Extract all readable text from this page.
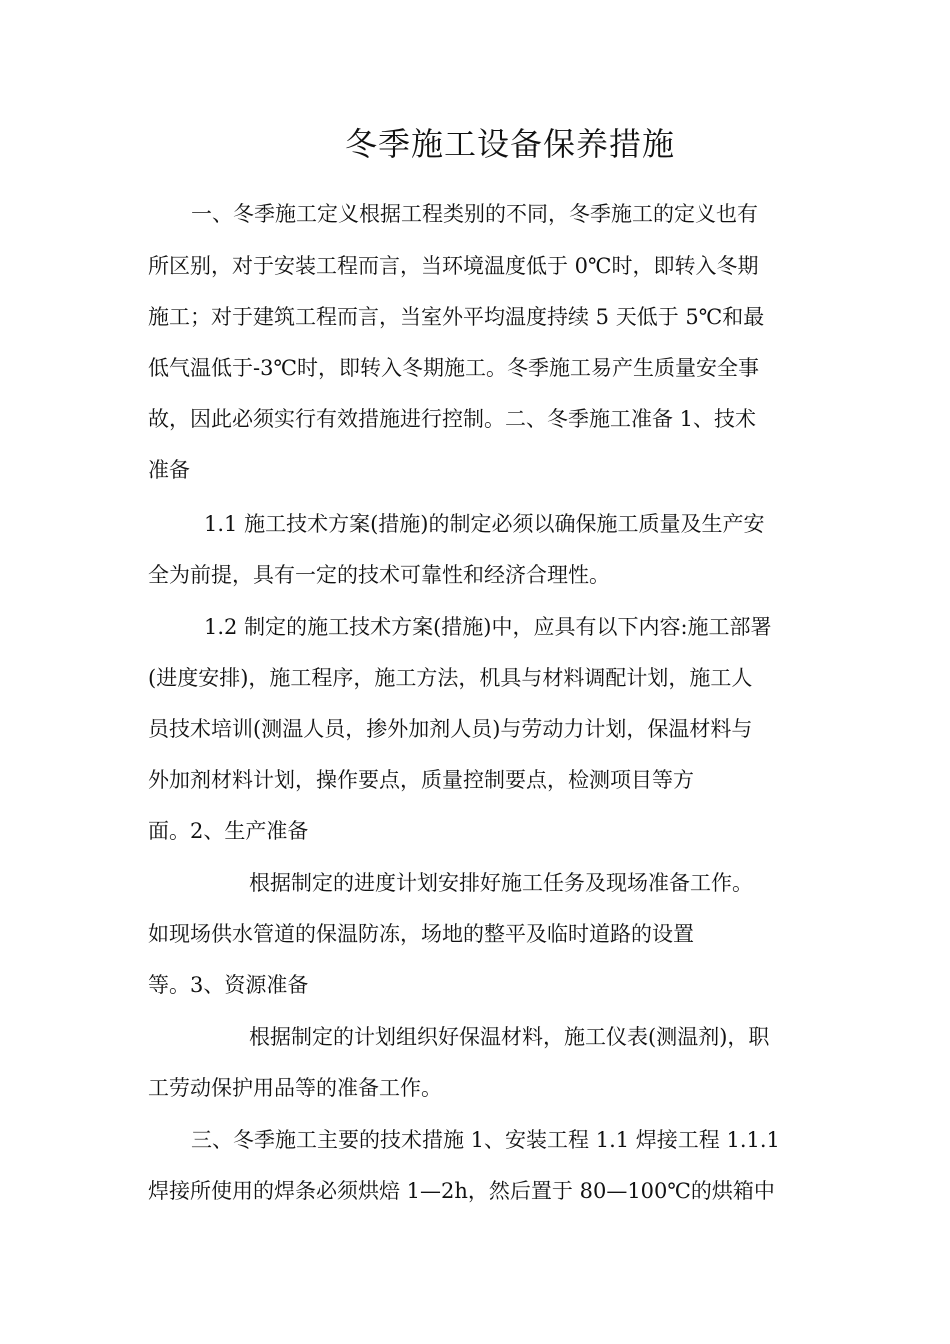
冬季施工设备保养措施
一、冬季施工定义根据工程类别的不同，冬季施工的定义也有
所区别，对于安装工程而言，当环境温度低于 0℃时，即转入冬期
施工；对于建筑工程而言，当室外平均温度持续 5 天低于 5℃和最
低气温低于-3℃时，即转入冬期施工。冬季施工易产生质量安全事
故，因此必须实行有效措施进行控制。二、冬季施工准备 1、技术
准备
1.1 施工技术方案(措施)的制定必须以确保施工质量及生产安
全为前提，具有一定的技术可靠性和经济合理性。
1.2 制定的施工技术方案(措施)中，应具有以下内容:施工部署
(进度安排)，施工程序，施工方法，机具与材料调配计划，施工人
员技术培训(测温人员，掺外加剂人员)与劳动力计划，保温材料与
外加剂材料计划，操作要点，质量控制要点，检测项目等方
面。2、生产准备
根据制定的进度计划安排好施工任务及现场准备工作。
如现场供水管道的保温防冻，场地的整平及临时道路的设置
等。3、资源准备
根据制定的计划组织好保温材料，施工仪表(测温剂)，职
工劳动保护用品等的准备工作。
三、冬季施工主要的技术措施 1、安装工程 1.1 焊接工程 1.1.1
焊接所使用的焊条必须烘焙 1—2h，然后置于 80—100℃的烘箱中
